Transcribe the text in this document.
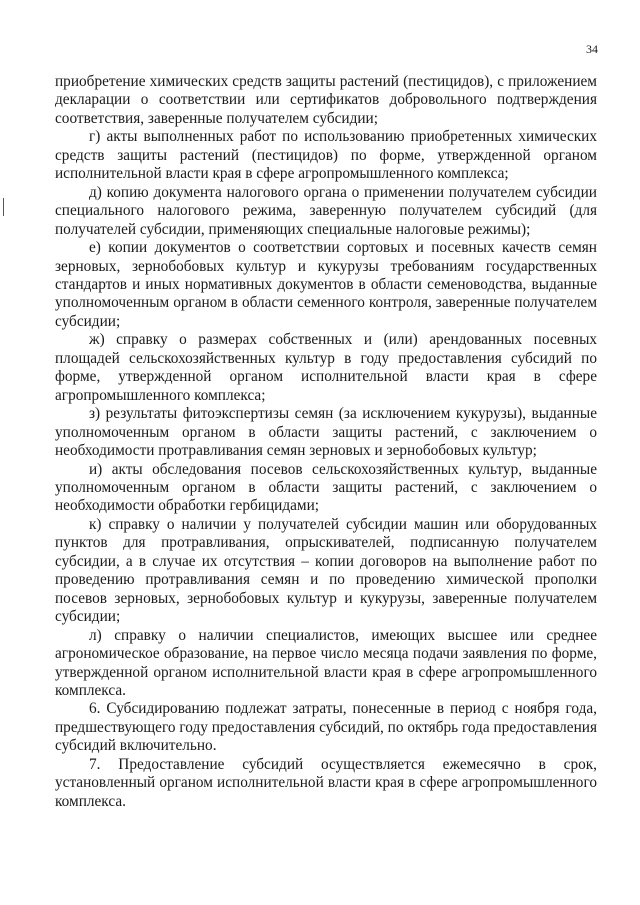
34

приобретение химических средств защиты растений (пестицидов), с приложением декларации о соответствии или сертификатов добровольного подтверждения соответствия, заверенные получателем субсидии;

г) акты выполненных работ по использованию приобретенных химических средств защиты растений (пестицидов) по форме, утвержденной органом исполнительной власти края в сфере агропромышленного комплекса;

д) копию документа налогового органа о применении получателем субсидии специального налогового режима, заверенную получателем субсидий (для получателей субсидии, применяющих специальные налоговые режимы);

е) копии документов о соответствии сортовых и посевных качеств семян зерновых, зернобобовых культур и кукурузы требованиям государственных стандартов и иных нормативных документов в области семеноводства, выданные уполномоченным органом в области семенного контроля, заверенные получателем субсидии;

ж) справку о размерах собственных и (или) арендованных посевных площадей сельскохозяйственных культур в году предоставления субсидий по форме, утвержденной органом исполнительной власти края в сфере агропромышленного комплекса;

з) результаты фитоэкспертизы семян (за исключением кукурузы), выданные уполномоченным органом в области защиты растений, с заключением о необходимости протравливания семян зерновых и зернобобовых культур;

и) акты обследования посевов сельскохозяйственных культур, выданные уполномоченным органом в области защиты растений, с заключением о необходимости обработки гербицидами;

к) справку о наличии у получателей субсидии машин или оборудованных пунктов для протравливания, опрыскивателей, подписанную получателем субсидии, а в случае их отсутствия – копии договоров на выполнение работ по проведению протравливания семян и по проведению химической прополки посевов зерновых, зернобобовых культур и кукурузы, заверенные получателем субсидии;

л) справку о наличии специалистов, имеющих высшее или среднее агрономическое образование, на первое число месяца подачи заявления по форме, утвержденной органом исполнительной власти края в сфере агропромышленного комплекса.

6. Субсидированию подлежат затраты, понесенные в период с ноября года, предшествующего году предоставления субсидий, по октябрь года предоставления субсидий включительно.

7. Предоставление субсидий осуществляется ежемесячно в срок, установленный органом исполнительной власти края в сфере агропромышленного комплекса.
